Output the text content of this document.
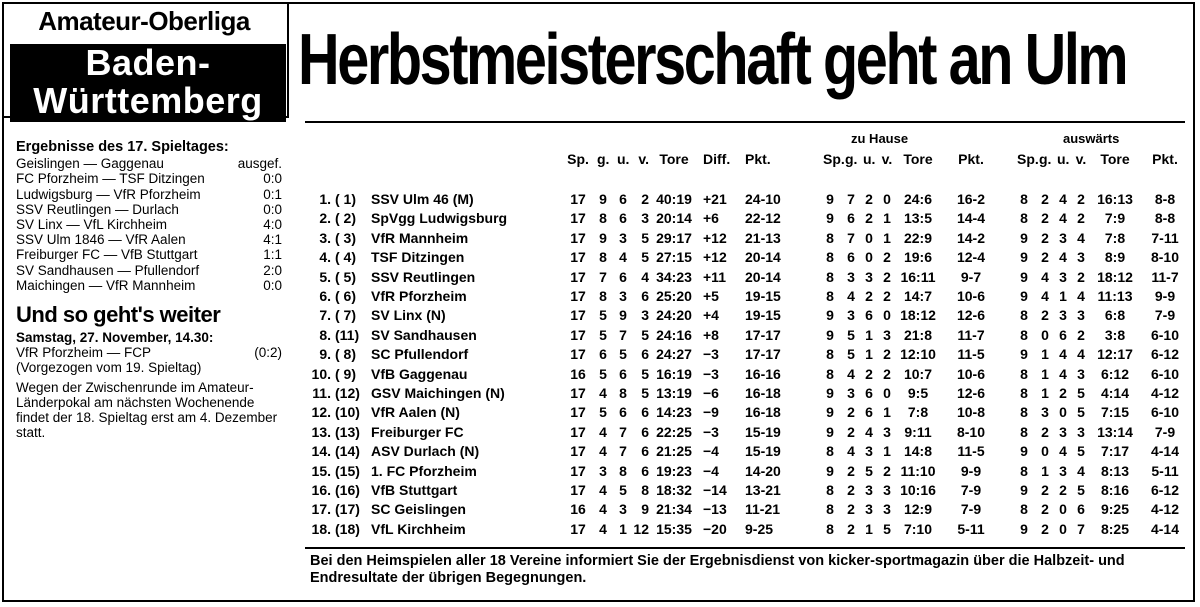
Amateur-Oberliga
Baden-
Württemberg
Herbstmeisterschaft geht an Ulm
Ergebnisse des 17. Spieltages:
Geislingen — Gaggenau	ausgef.
FC Pforzheim — TSF Ditzingen	0:0
Ludwigsburg — VfR Pforzheim	0:1
SSV Reutlingen — Durlach	0:0
SV Linx — VfL Kirchheim	4:0
SSV Ulm 1846 — VfR Aalen	4:1
Freiburger FC — VfB Stuttgart	1:1
SV Sandhausen — Pfullendorf	2:0
Maichingen — VfR Mannheim	0:0
Und so geht's weiter
Samstag, 27. November, 14.30:
VfR Pforzheim — FCP	(0:2)
(Vorgezogen vom 19. Spieltag)
Wegen der Zwischenrunde im Amateur-Länderpokal am nächsten Wochenende findet der 18. Spieltag erst am 4. Dezember statt.
zu Hause	auswärts
Sp. g. u. v. Tore	Diff.	Pkt.	Sp. g. u. v. Tore	Pkt.	Sp. g. u. v.	Tore	Pkt.
1. ( 1)	SSV Ulm 46 (M)	17 9 6	2 40:19 +21	24-10	9 7 2 0 24:6	16-2	8 2 4 2 16:13	8-8
2. ( 2)	SpVgg Ludwigsburg	17 8 6	3 20:14 +6	22-12	9 6 2 1 13:5	14-4	8 2 4 2	7:9	8-8
3. ( 3)	VfR Mannheim	17 9 3	5 29:17 +12	21-13	8 7 0 1 22:9	14-2	9 2 3 4	7:8	7-11
4. ( 4)	TSF Ditzingen	17 8 4	5 27:15 +12	20-14	8 6 0 2 19:6	12-4	9 2 4 3	8:9	8-10
5. ( 5)	SSV Reutlingen	17 7 6	4 34:23 +11	20-14	8 3 3 2 16:11	9-7	9 4 3 2 18:12	11-7
6. ( 6)	VfR Pforzheim	17 8 3	6 25:20 +5	19-15	8 4 2 2 14:7	10-6	9 4 1 4 11:13	9-9
7. ( 7)	SV Linx (N)	17 5 9	3 24:20 +4	19-15	9 3 6 0 18:12	12-6	8 2 3 3	6:8	7-9
8. (11) SV Sandhausen	17 5 7	5 24:16 +8	17-17	9 5 1 3 21:8	11-7	8 0 6 2	3:8	6-10
9. ( 8)	SC Pfullendorf	17 6 5	6 24:27 −3	17-17	8 5 1 2 12:10	11-5	9 1 4 4 12:17	6-12
10. ( 9)	VfB Gaggenau	16 5 6	5 16:19 −3	16-16	8 4 2 2 10:7	10-6	8 1 4 3	6:12	6-10
11. (12) GSV Maichingen (N)	17 4 8	5 13:19 −6	16-18	9 3 6 0	9:5	12-6	8 1 2 5	4:14	4-12
12. (10) VfR Aalen (N)	17 5 6	6 14:23 −9	16-18	9 2 6 1	7:8	10-8	8 3 0 5	7:15	6-10
13. (13) Freiburger FC	17 4 7	6 22:25 −3	15-19	9 2 4 3 9:11	8-10	8 2 3 3 13:14	7-9
14. (14) ASV Durlach (N)	17 4 7	6 21:25 −4	15-19	8 4 3 1 14:8	11-5	9 0 4 5	7:17	4-14
15. (15) 1. FC Pforzheim	17 3 8	6 19:23 −4	14-20	9 2 5 2 11:10	9-9	8 1 3 4	8:13	5-11
16. (16) VfB Stuttgart	17 4 5	8 18:32 −14	13-21	8 2 3 3 10:16	7-9	9 2 2 5	8:16	6-12
17. (17) SC Geislingen	16 4 3	9 21:34 −13	11-21	8 2 3 3 12:9	7-9	8 2 0 6	9:25	4-12
18. (18) VfL Kirchheim	17 4 1 12 15:35 −20	9-25	8 2 1 5 7:10	5-11	9 2 0 7	8:25	4-14
Bei den Heimspielen aller 18 Vereine informiert Sie der Ergebnisdienst von kicker-sportmagazin über die Halbzeit- und Endresultate der übrigen Begegnungen.
